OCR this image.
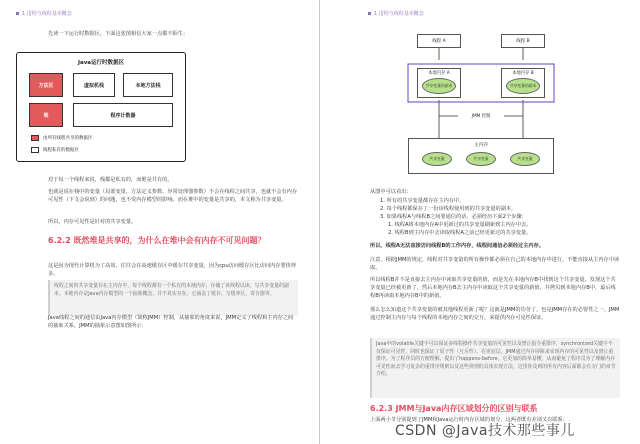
1 进程与线程基本概念
先读一下运行时数据区，下面这张图相信大家一点都不陌生：
Java运行时数据区
方法区	虚拟机栈	本地方法栈
堆	程序计数器
由所有线程共享的数据区
线程私有的数据区
对于每一个线程来说，栈都是私有的，而堆是共有的。
也就是说在栈中的变量（局部变量、方法定义参数、异常处理器参数）不会在线程之间共享，也就不会有内存可见性（下文会说到）的问题，也不受内存模型的影响。而在堆中的变量是共享的，本文称为共享变量。
所以，内存可见性是针对的共享变量。
6.2.2 既然堆是共享的，为什么在堆中会有内存不可见问题？
这是因为现代计算机为了高效，往往会在高速缓存区中缓存共享变量，因为cpu访问缓存区比访问内存要快得多。
线程之间的共享变量存在主内存中，每个线程都有一个私有的本地内存，存储了该线程以读、写共享变量的副本。本地内存是Java内存模型的一个抽象概念，并不真实存在。它涵盖了缓存、写缓冲区、寄存器等。
Java线程之间的通信由Java内存模型（简称JMM）控制，从抽象的角度来说，JMM定义了线程和主内存之间的抽象关系。JMM的抽象示意图如图所示：
1 进程与线程基本概念
线程 A	线程 B
本地内存 A
共享变量的副本
本地内存 B
共享变量的副本
JMM 控制
主内存
共享变量	共享变量	共享变量
从图中可以看出：
1. 所有的共享变量都存在主内存中。
2. 每个线程都保存了一份该线程使用到的共享变量的副本。
3. 如果线程A与线程B之间要通信的话，必须经历下面2个步骤：
1. 线程A将本地内存A中更新过的共享变量刷新到主内存中去。
2. 线程B到主内存中去读取线程A之前已经更新过的共享变量。
所以，线程A无法直接访问线程B的工作内存，线程间通信必须经过主内存。
注意，根据JMM的规定，线程对共享变量的所有操作都必须在自己的本地内存中进行，不能直接从主内存中读取。
所以线程B并不是直接去主内存中读取共享变量的值，而是先在本地内存B中找到这个共享变量，发现这个共享变量已经被更新了，然后本地内存B去主内存中读取这个共享变量的新值，并拷贝到本地内存B中，最后线程B再读取本地内存B中的新值。
那么怎么知道这个共享变量的被其他线程更新了呢？这就是JMM的功劳了，也是JMM存在的必要性之一。JMM通过控制主内存与每个线程的本地内存之间的交互，来提供内存可见性保证。
Java中的volatile关键字可以保证多线程操作共享变量的可见性以及禁止指令重排序，synchronized关键字不仅保证可见性，同时也保证了原子性（互斥性）。在更底层，JMM通过内存屏障来实现内存的可见性以及禁止重排序。为了程序员的方便理解，提出了happens-before，它更加的简单易懂，从而避免了程序员为了理解内存可见性而去学习复杂的重排序规则以及这些规则的具体实现方法。这里涉及到的所有内容后面都会有专门的章节介绍。
6.2.3 JMM与Java内存区域划分的区别与联系
上面两小节分别提到了JMM和Java运行时内存区域的划分，这两者既有差别又有联系：
CSDN @Java技术那些事儿
